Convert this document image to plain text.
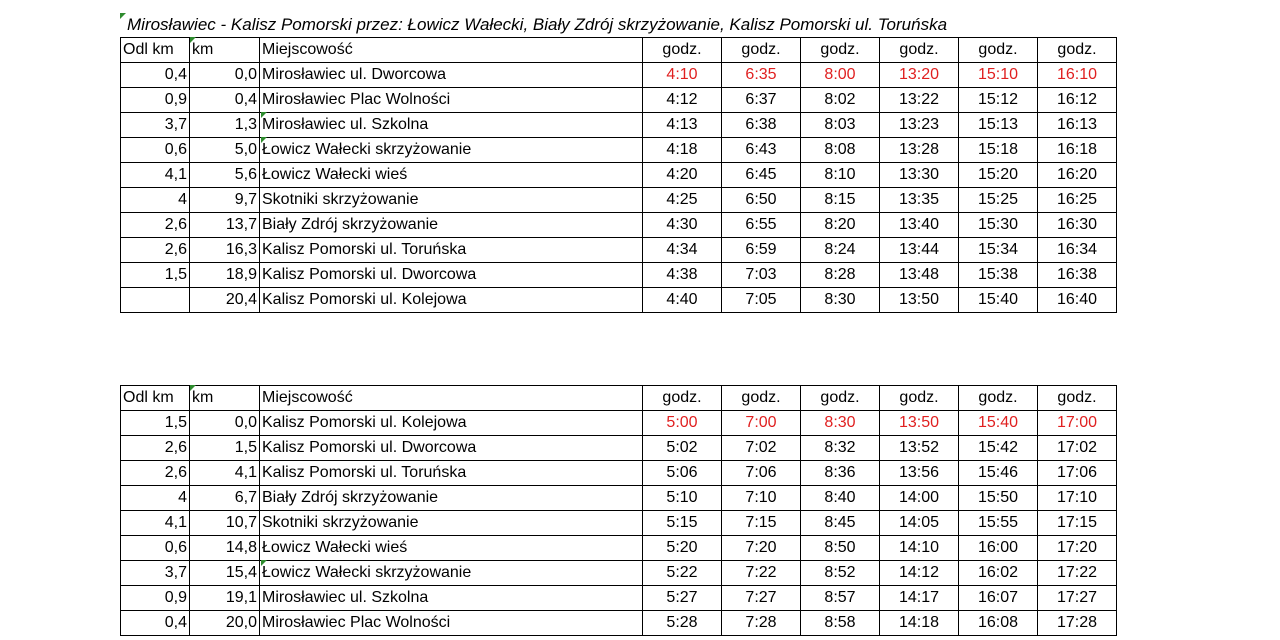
Mirosławiec - Kalisz Pomorski przez: Łowicz Wałecki, Biały Zdrój skrzyżowanie, Kalisz Pomorski ul. Toruńska
Odl km	km	Miejscowość	godz.	godz.	godz.	godz.	godz.	godz.
0,4	0,0	Mirosławiec ul. Dworcowa	4:10	6:35	8:00	13:20	15:10	16:10
0,9	0,4	Mirosławiec Plac Wolności	4:12	6:37	8:02	13:22	15:12	16:12
3,7	1,3	Mirosławiec ul. Szkolna	4:13	6:38	8:03	13:23	15:13	16:13
0,6	5,0	Łowicz Wałecki skrzyżowanie	4:18	6:43	8:08	13:28	15:18	16:18
4,1	5,6	Łowicz Wałecki wieś	4:20	6:45	8:10	13:30	15:20	16:20
4	9,7	Skotniki skrzyżowanie	4:25	6:50	8:15	13:35	15:25	16:25
2,6	13,7	Biały Zdrój skrzyżowanie	4:30	6:55	8:20	13:40	15:30	16:30
2,6	16,3	Kalisz Pomorski ul. Toruńska	4:34	6:59	8:24	13:44	15:34	16:34
1,5	18,9	Kalisz Pomorski ul. Dworcowa	4:38	7:03	8:28	13:48	15:38	16:38
	20,4	Kalisz Pomorski ul. Kolejowa	4:40	7:05	8:30	13:50	15:40	16:40
Odl km	km	Miejscowość	godz.	godz.	godz.	godz.	godz.	godz.
1,5	0,0	Kalisz Pomorski ul. Kolejowa	5:00	7:00	8:30	13:50	15:40	17:00
2,6	1,5	Kalisz Pomorski ul. Dworcowa	5:02	7:02	8:32	13:52	15:42	17:02
2,6	4,1	Kalisz Pomorski ul. Toruńska	5:06	7:06	8:36	13:56	15:46	17:06
4	6,7	Biały Zdrój skrzyżowanie	5:10	7:10	8:40	14:00	15:50	17:10
4,1	10,7	Skotniki skrzyżowanie	5:15	7:15	8:45	14:05	15:55	17:15
0,6	14,8	Łowicz Wałecki wieś	5:20	7:20	8:50	14:10	16:00	17:20
3,7	15,4	Łowicz Wałecki skrzyżowanie	5:22	7:22	8:52	14:12	16:02	17:22
0,9	19,1	Mirosławiec ul. Szkolna	5:27	7:27	8:57	14:17	16:07	17:27
0,4	20,0	Mirosławiec Plac Wolności	5:28	7:28	8:58	14:18	16:08	17:28
